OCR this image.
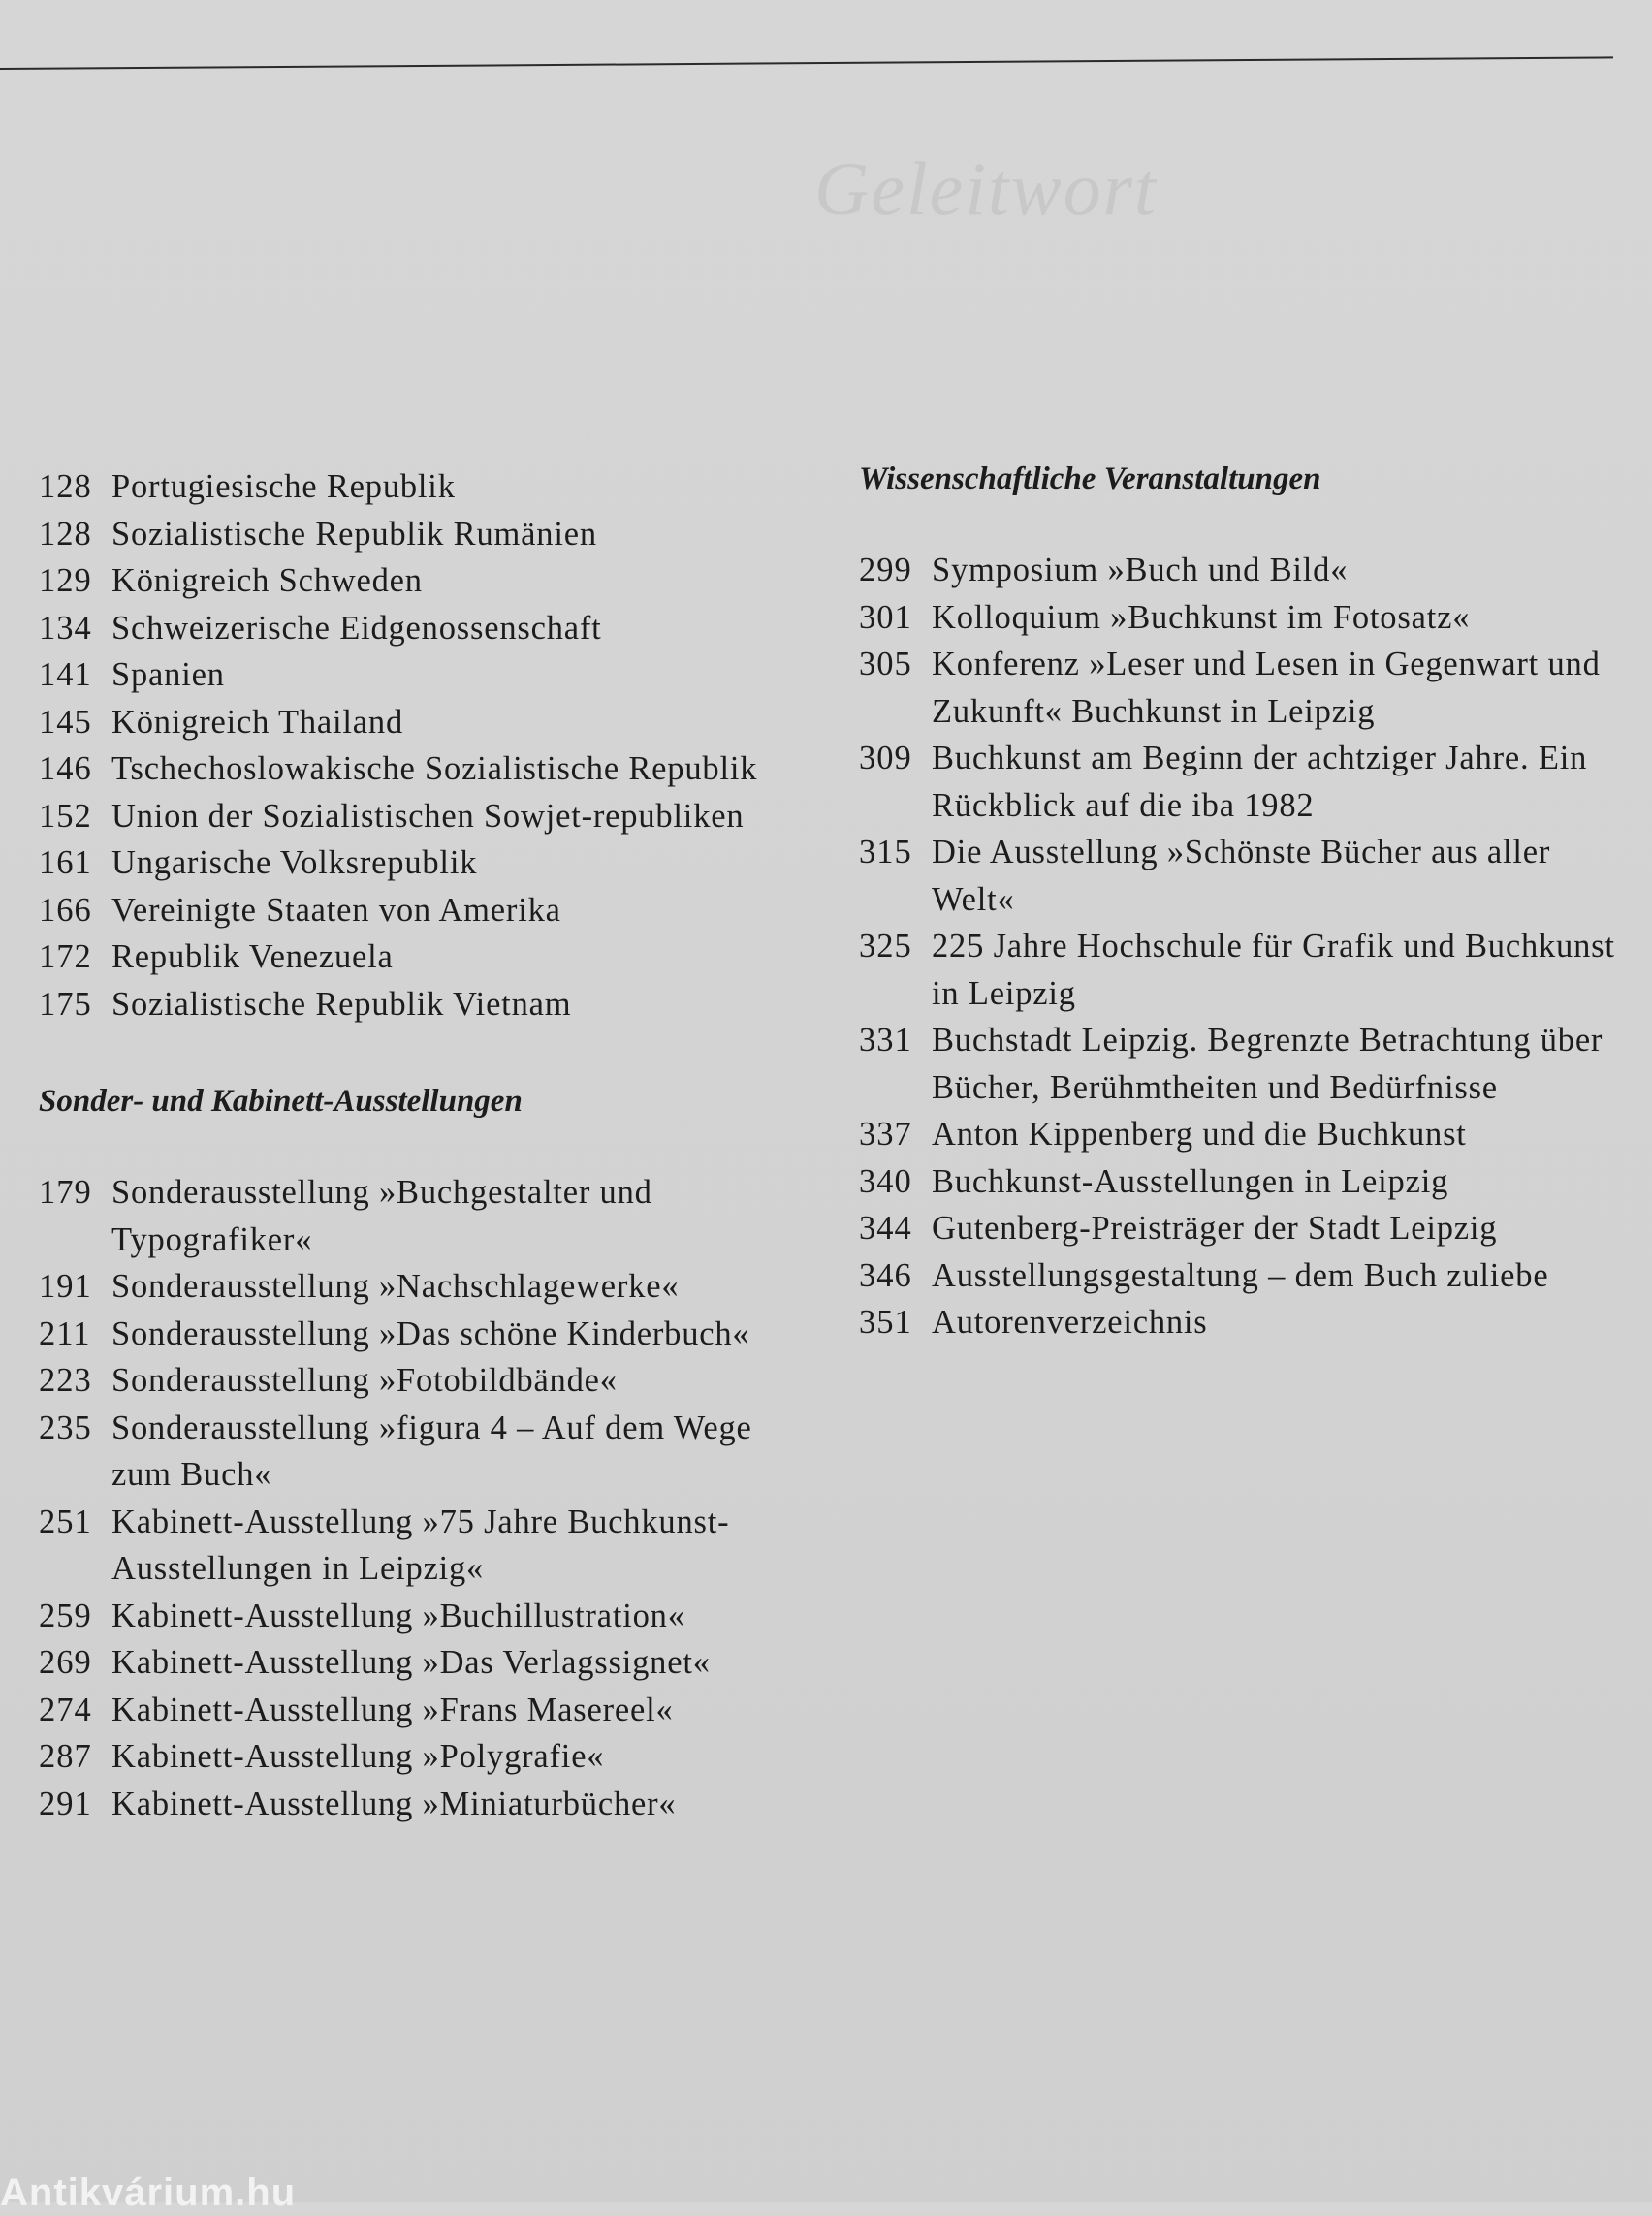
Geleitwort
128 Portugiesische Republik
128 Sozialistische Republik Rumänien
129 Königreich Schweden
134 Schweizerische Eidgenossenschaft
141 Spanien
145 Königreich Thailand
146 Tschechoslowakische Sozialistische Republik
152 Union der Sozialistischen Sowjet-republiken
161 Ungarische Volksrepublik
166 Vereinigte Staaten von Amerika
172 Republik Venezuela
175 Sozialistische Republik Vietnam
Sonder- und Kabinett-Ausstellungen
179 Sonderausstellung »Buchgestalter und Typografiker«
191 Sonderausstellung »Nachschlagewerke«
211 Sonderausstellung »Das schöne Kinderbuch«
223 Sonderausstellung »Fotobildbände«
235 Sonderausstellung »figura 4 – Auf dem Wege zum Buch«
251 Kabinett-Ausstellung »75 Jahre Buchkunst-Ausstellungen in Leipzig«
259 Kabinett-Ausstellung »Buchillustration«
269 Kabinett-Ausstellung »Das Verlagssignet«
274 Kabinett-Ausstellung »Frans Masereel«
287 Kabinett-Ausstellung »Polygrafie«
291 Kabinett-Ausstellung »Miniaturbücher«
Wissenschaftliche Veranstaltungen
299 Symposium »Buch und Bild«
301 Kolloquium »Buchkunst im Fotosatz«
305 Konferenz »Leser und Lesen in Gegenwart und Zukunft« Buchkunst in Leipzig
309 Buchkunst am Beginn der achtziger Jahre. Ein Rückblick auf die iba 1982
315 Die Ausstellung »Schönste Bücher aus aller Welt«
325 225 Jahre Hochschule für Grafik und Buchkunst in Leipzig
331 Buchstadt Leipzig. Begrenzte Betrachtung über Bücher, Berühmtheiten und Bedürfnisse
337 Anton Kippenberg und die Buchkunst
340 Buchkunst-Ausstellungen in Leipzig
344 Gutenberg-Preisträger der Stadt Leipzig
346 Ausstellungsgestaltung – dem Buch zuliebe
351 Autorenverzeichnis
Antikvárium.hu
